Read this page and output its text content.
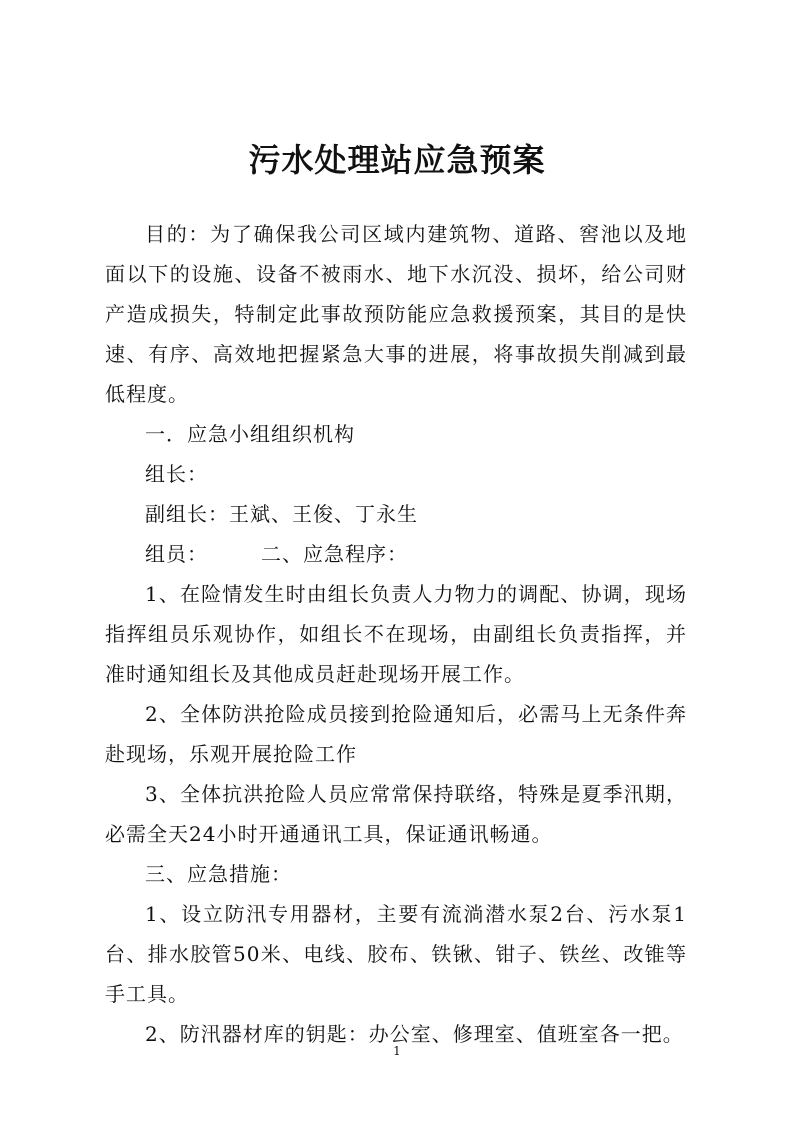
污水处理站应急预案

目的：为了确保我公司区域内建筑物、道路、窖池以及地面以下的设施、设备不被雨水、地下水沉没、损坏，给公司财产造成损失，特制定此事故预防能应急救援预案，其目的是快速、有序、高效地把握紧急大事的进展，将事故损失削减到最低程度。

一．应急小组组织机构

组长：

副组长：王斌、王俊、丁永生

组员：　　　二、应急程序：

1、在险情发生时由组长负责人力物力的调配、协调，现场指挥组员乐观协作，如组长不在现场，由副组长负责指挥，并准时通知组长及其他成员赶赴现场开展工作。

2、全体防洪抢险成员接到抢险通知后，必需马上无条件奔赴现场，乐观开展抢险工作

3、全体抗洪抢险人员应常常保持联络，特殊是夏季汛期，必需全天24小时开通通讯工具，保证通讯畅通。

三、应急措施：

1、设立防汛专用器材，主要有流淌潜水泵2台、污水泵1台、排水胶管50米、电线、胶布、铁锹、钳子、铁丝、改锥等手工具。

2、防汛器材库的钥匙：办公室、修理室、值班室各一把。

1
